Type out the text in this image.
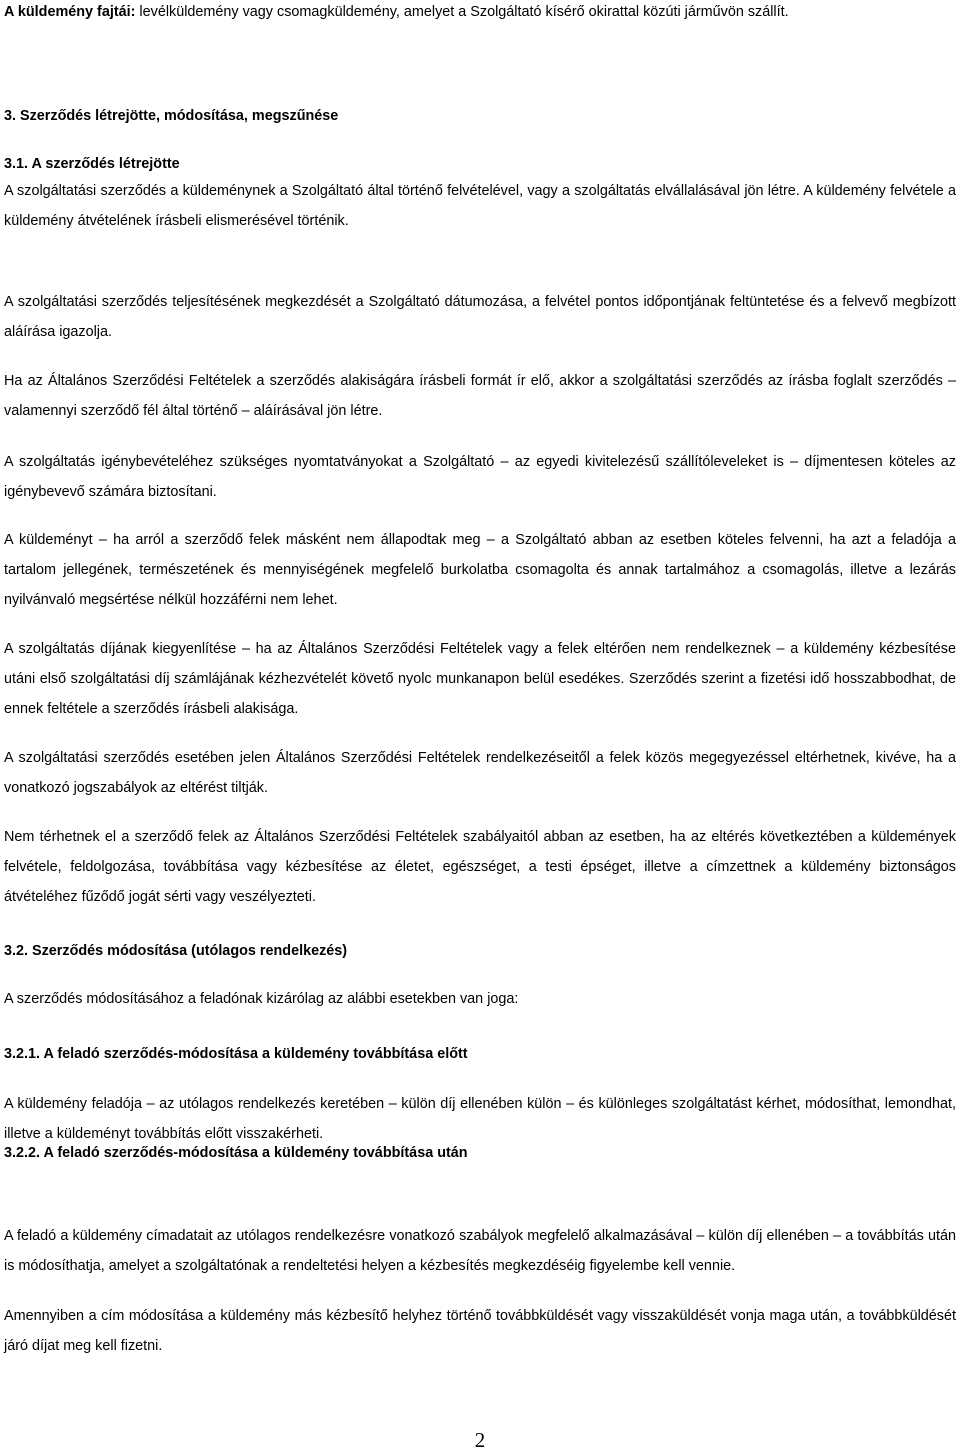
A küldemény fajtái: levélküldemény vagy csomagküldemény, amelyet a Szolgáltató kísérő okirattal közúti járművön szállít.
3. Szerződés létrejötte, módosítása, megszűnése
3.1. A szerződés létrejötte
A szolgáltatási szerződés a küldeménynek a Szolgáltató által történő felvételével, vagy a szolgáltatás elvállalásával jön létre. A küldemény felvétele a küldemény átvételének írásbeli elismerésével történik.
A szolgáltatási szerződés teljesítésének megkezdését a Szolgáltató dátumozása, a felvétel pontos időpontjának feltüntetése és a felvevő megbízott aláírása igazolja.
Ha az Általános Szerződési Feltételek a szerződés alakiságára írásbeli formát ír elő, akkor a szolgáltatási szerződés az írásba foglalt szerződés – valamennyi szerződő fél által történő – aláírásával jön létre.
A szolgáltatás igénybevételéhez szükséges nyomtatványokat a Szolgáltató – az egyedi kivitelezésű szállítóleveleket is – díjmentesen köteles az igénybevevő számára biztosítani.
A küldeményt – ha arról a szerződő felek másként nem állapodtak meg – a Szolgáltató abban az esetben köteles felvenni, ha azt a feladója a tartalom jellegének, természetének és mennyiségének megfelelő burkolatba csomagolta és annak tartalmához a csomagolás, illetve a lezárás nyilvánvaló megsértése nélkül hozzáférni nem lehet.
A szolgáltatás díjának kiegyenlítése – ha az Általános Szerződési Feltételek vagy a felek eltérően nem rendelkeznek – a küldemény kézbesítése utáni első szolgáltatási díj számlájának kézhezvételét követő nyolc munkanapon belül esedékes. Szerződés szerint a fizetési idő hosszabbodhat, de ennek feltétele a szerződés írásbeli alakisága.
A szolgáltatási szerződés esetében jelen Általános Szerződési Feltételek rendelkezéseitől a felek közös megegyezéssel eltérhetnek, kivéve, ha a vonatkozó jogszabályok az eltérést tiltják.
Nem térhetnek el a szerződő felek az Általános Szerződési Feltételek szabályaitól abban az esetben, ha az eltérés következtében a küldemények felvétele, feldolgozása, továbbítása vagy kézbesítése az életet, egészséget, a testi épséget, illetve a címzettnek a küldemény biztonságos átvételéhez fűződő jogát sérti vagy veszélyezteti.
3.2. Szerződés módosítása (utólagos rendelkezés)
A szerződés módosításához a feladónak kizárólag az alábbi esetekben van joga:
3.2.1. A feladó szerződés-módosítása a küldemény továbbítása előtt
A küldemény feladója – az utólagos rendelkezés keretében – külön díj ellenében külön – és különleges szolgáltatást kérhet, módosíthat, lemondhat, illetve a küldeményt továbbítás előtt visszakérheti.
3.2.2. A feladó szerződés-módosítása a küldemény továbbítása után
A feladó a küldemény címadatait az utólagos rendelkezésre vonatkozó szabályok megfelelő alkalmazásával – külön díj ellenében – a továbbítás után is módosíthatja, amelyet a szolgáltatónak a rendeltetési helyen a kézbesítés megkezdéséig figyelembe kell vennie.
Amennyiben a cím módosítása a küldemény más kézbesítő helyhez történő továbbküldését vagy visszaküldését vonja maga után, a továbbküldését járó díjat meg kell fizetni.
2
